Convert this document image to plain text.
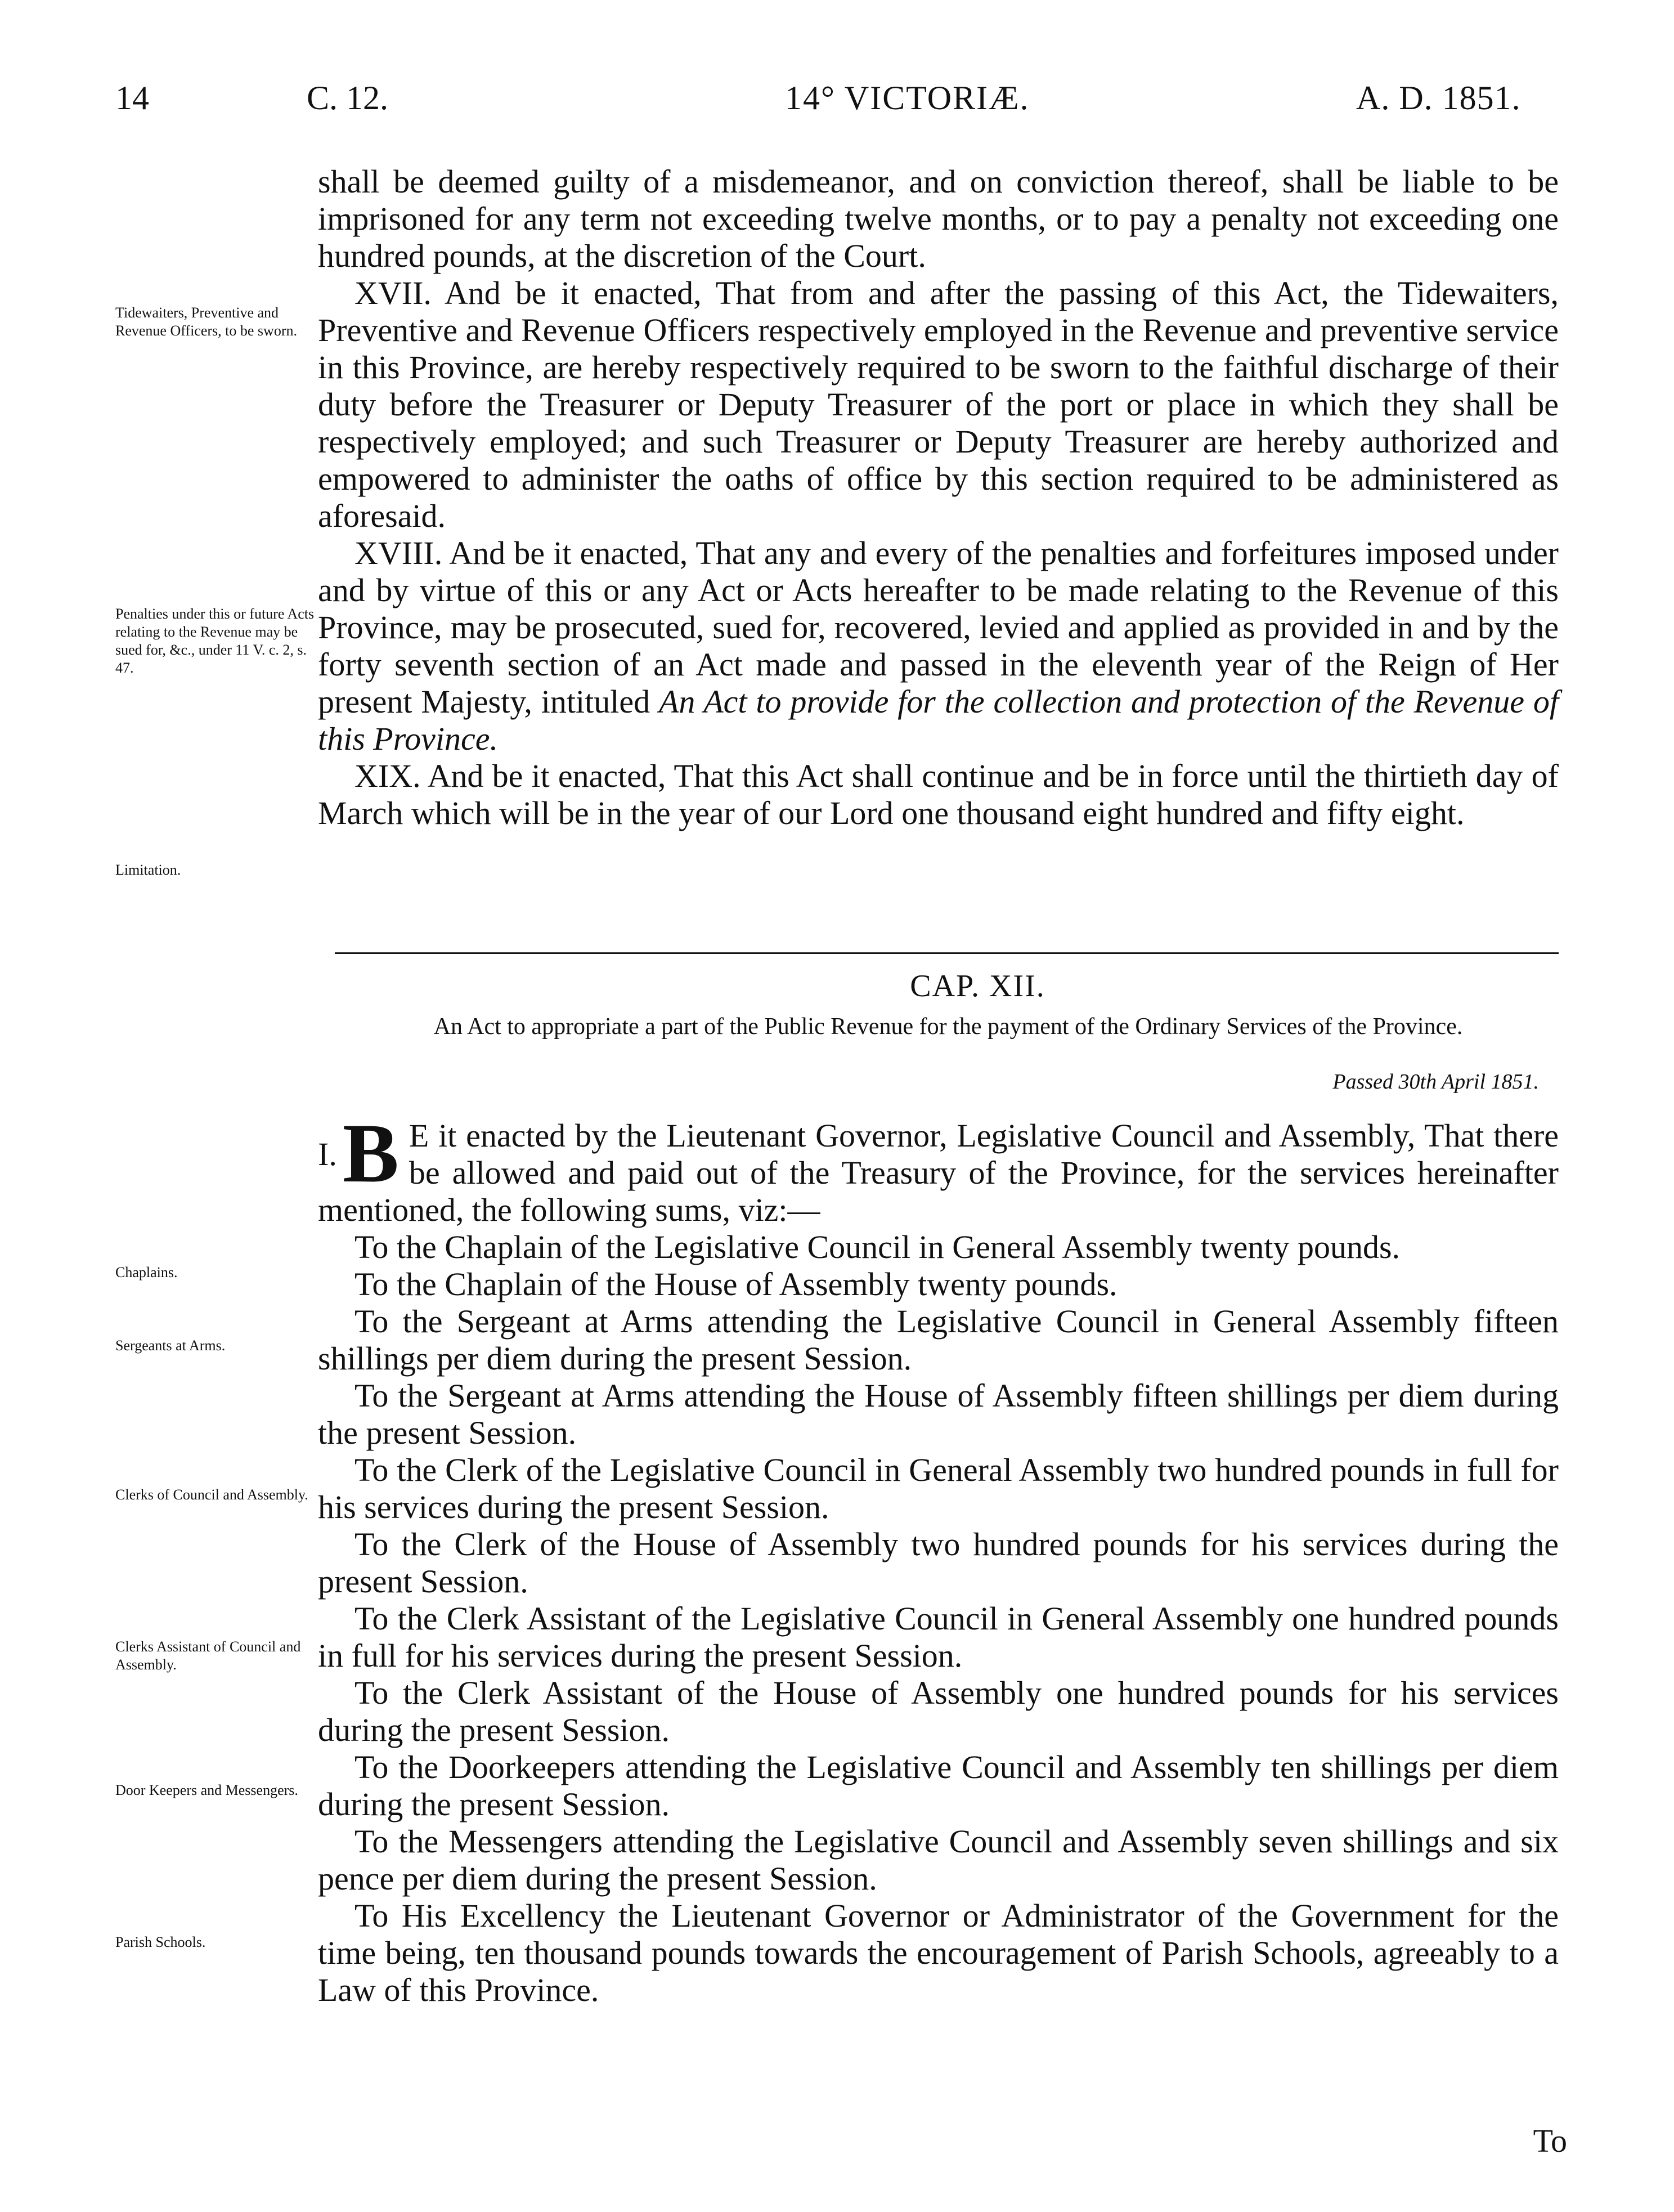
14	C. 12.	14° VICTORIÆ.	A. D. 1851.

shall be deemed guilty of a misdemeanor, and on conviction thereof, shall be liable to be imprisoned for any term not exceeding twelve months, or to pay a penalty not exceeding one hundred pounds, at the discretion of the Court.

XVII. And be it enacted, That from and after the passing of this Act, the Tidewaiters, Preventive and Revenue Officers respectively employed in the Revenue and preventive service in this Province, are hereby respectively required to be sworn to the faithful discharge of their duty before the Treasurer or Deputy Treasurer of the port or place in which they shall be respectively employed; and such Treasurer or Deputy Treasurer are hereby authorized and empowered to administer the oaths of office by this section required to be administered as aforesaid.

XVIII. And be it enacted, That any and every of the penalties and forfeitures imposed under and by virtue of this or any Act or Acts hereafter to be made relating to the Revenue of this Province, may be prosecuted, sued for, recovered, levied and applied as provided in and by the forty seventh section of an Act made and passed in the eleventh year of the Reign of Her present Majesty, intituled An Act to provide for the collection and protection of the Revenue of this Province.

XIX. And be it enacted, That this Act shall continue and be in force until the thirtieth day of March which will be in the year of our Lord one thousand eight hundred and fifty eight.

Tidewaiters, Preventive and Revenue Officers, to be sworn.
Penalties under this or future Acts relating to the Revenue may be sued for, &c., under 11 V. c. 2, s. 47.
Limitation.
CAP. XII.
An Act to appropriate a part of the Public Revenue for the payment of the Ordinary Services of the Province.
Passed 30th April 1851.

I. B E it enacted by the Lieutenant Governor, Legislative Council and Assembly, That there be allowed and paid out of the Treasury of the Province, for the services hereinafter mentioned, the following sums, viz:—

To the Chaplain of the Legislative Council in General Assembly twenty pounds.

To the Chaplain of the House of Assembly twenty pounds.

To the Sergeant at Arms attending the Legislative Council in General Assembly fifteen shillings per diem during the present Session.

To the Sergeant at Arms attending the House of Assembly fifteen shillings per diem during the present Session.

To the Clerk of the Legislative Council in General Assembly two hundred pounds in full for his services during the present Session.

To the Clerk of the House of Assembly two hundred pounds for his services during the present Session.

To the Clerk Assistant of the Legislative Council in General Assembly one hundred pounds in full for his services during the present Session.

To the Clerk Assistant of the House of Assembly one hundred pounds for his services during the present Session.

To the Doorkeepers attending the Legislative Council and Assembly ten shillings per diem during the present Session.

To the Messengers attending the Legislative Council and Assembly seven shillings and six pence per diem during the present Session.

To His Excellency the Lieutenant Governor or Administrator of the Government for the time being, ten thousand pounds towards the encouragement of Parish Schools, agreeably to a Law of this Province.

Chaplains.
Sergeants at Arms.
Clerks of Council and Assembly.
Clerks Assistant of Council and Assembly.
Door Keepers and Messengers.
Parish Schools.
To
